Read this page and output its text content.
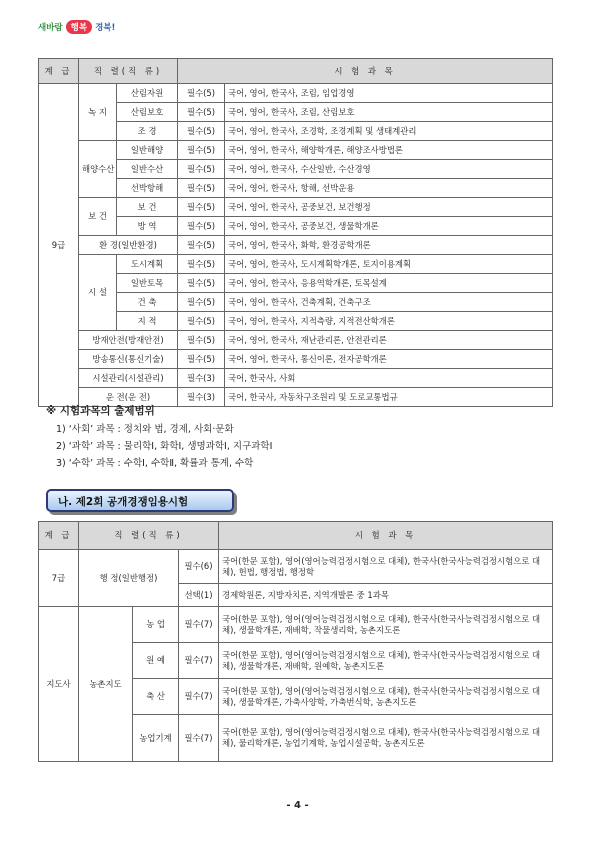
새바람 행복 경북!
계 급	직 렬(직 류)		시 험 과 목	
9급	녹 지	산림자원	필수(5)	국어, 영어, 한국사, 조림, 임업경영
		산림보호	필수(5)	국어, 영어, 한국사, 조림, 산림보호
		조 경	필수(5)	국어, 영어, 한국사, 조경학, 조경계획 및 생태계관리
	해양수산	일반해양	필수(5)	국어, 영어, 한국사, 해양학개론, 해양조사방법론
		일반수산	필수(5)	국어, 영어, 한국사, 수산일반, 수산경영
		선박항해	필수(5)	국어, 영어, 한국사, 항해, 선박운용
	보 건	보 건	필수(5)	국어, 영어, 한국사, 공중보건, 보건행정
		방 역	필수(5)	국어, 영어, 한국사, 공중보건, 생물학개론
	환 경(일반환경)		필수(5)	국어, 영어, 한국사, 화학, 환경공학개론
	시 설	도시계획	필수(5)	국어, 영어, 한국사, 도시계획학개론, 토지이용계획
		일반토목	필수(5)	국어, 영어, 한국사, 응용역학개론, 토목설계
		건 축	필수(5)	국어, 영어, 한국사, 건축계획, 건축구조
		지 적	필수(5)	국어, 영어, 한국사, 지적측량, 지적전산학개론
	방재안전(방재안전)		필수(5)	국어, 영어, 한국사, 재난관리론, 안전관리론
	방송통신(통신기술)		필수(5)	국어, 영어, 한국사, 통신이론, 전자공학개론
	시설관리(시설관리)		필수(3)	국어, 한국사, 사회
	운 전(운 전)		필수(3)	국어, 한국사, 자동차구조원리 및 도로교통법규
※ 시험과목의 출제범위
1) ‘사회’ 과목 : 정치와 법, 경제, 사회·문화
2) ‘과학’ 과목 : 물리학Ⅰ, 화학Ⅰ, 생명과학Ⅰ, 지구과학Ⅰ
3) ‘수학’ 과목 : 수학Ⅰ, 수학Ⅱ, 확률과 통계, 수학
나. 제2회 공개경쟁임용시험
계 급	직 렬(직 류)			시 험 과 목
7급	행 정(일반행정)		필수(6)	국어(한문 포함), 영어(영어능력검정시험으로 대체), 한국사(한국사능력검정시험으로 대체), 헌법, 행정법, 행정학
			선택(1)	경제학원론, 지방자치론, 지역개발론 중 1과목
지도사	농촌지도	농 업	필수(7)	국어(한문 포함), 영어(영어능력검정시험으로 대체), 한국사(한국사능력검정시험으로 대체), 생물학개론, 재배학, 작물생리학, 농촌지도론
		원 예	필수(7)	국어(한문 포함), 영어(영어능력검정시험으로 대체), 한국사(한국사능력검정시험으로 대체), 생물학개론, 재배학, 원예학, 농촌지도론
		축 산	필수(7)	국어(한문 포함), 영어(영어능력검정시험으로 대체), 한국사(한국사능력검정시험으로 대체), 생물학개론, 가축사양학, 가축번식학, 농촌지도론
		농업기계	필수(7)	국어(한문 포함), 영어(영어능력검정시험으로 대체), 한국사(한국사능력검정시험으로 대체), 물리학개론, 농업기계학, 농업시설공학, 농촌지도론
- 4 -
